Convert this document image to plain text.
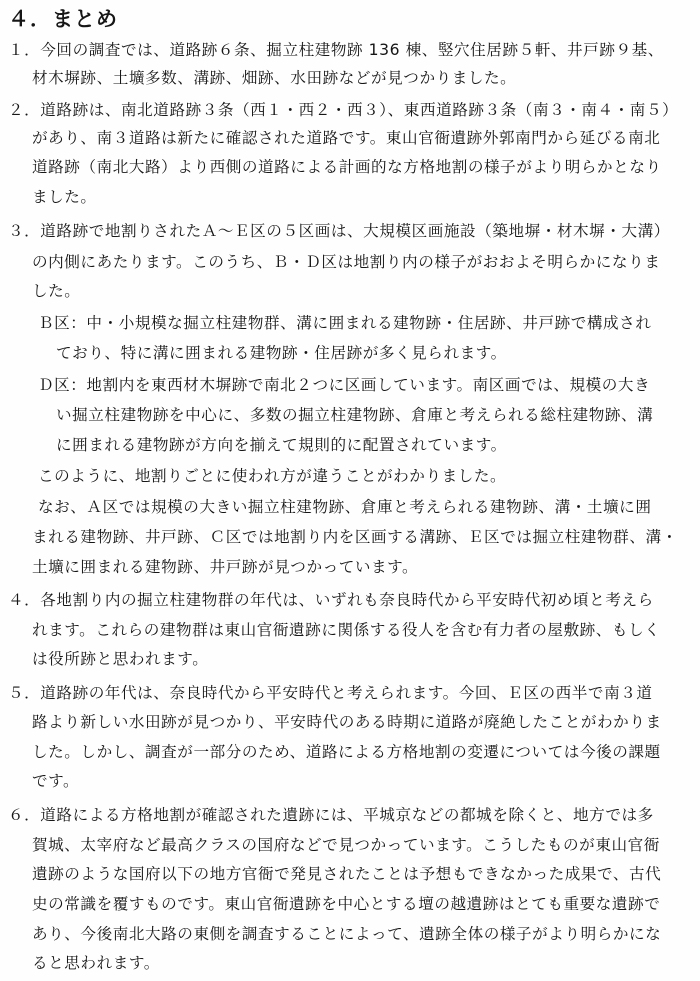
４．まとめ
１．今回の調査では、道路跡６条、掘立柱建物跡 136 棟、竪穴住居跡５軒、井戸跡９基、
材木塀跡、土壙多数、溝跡、畑跡、水田跡などが見つかりました。
２．道路跡は、南北道路跡３条（西１・西２・西３）、東西道路跡３条（南３・南４・南５）
があり、南３道路は新たに確認された道路です。東山官衙遺跡外郭南門から延びる南北
道路跡（南北大路）より西側の道路による計画的な方格地割の様子がより明らかとなり
ました。
３．道路跡で地割りされたＡ～Ｅ区の５区画は、大規模区画施設（築地塀・材木塀・大溝）
の内側にあたります。このうち、Ｂ・Ｄ区は地割り内の様子がおおよそ明らかになりま
した。
Ｂ区：中・小規模な掘立柱建物群、溝に囲まれる建物跡・住居跡、井戸跡で構成され
ており、特に溝に囲まれる建物跡・住居跡が多く見られます。
Ｄ区：地割内を東西材木塀跡で南北２つに区画しています。南区画では、規模の大き
い掘立柱建物跡を中心に、多数の掘立柱建物跡、倉庫と考えられる総柱建物跡、溝
に囲まれる建物跡が方向を揃えて規則的に配置されています。
このように、地割りごとに使われ方が違うことがわかりました。
なお、Ａ区では規模の大きい掘立柱建物跡、倉庫と考えられる建物跡、溝・土壙に囲
まれる建物跡、井戸跡、Ｃ区では地割り内を区画する溝跡、Ｅ区では掘立柱建物群、溝・
土壙に囲まれる建物跡、井戸跡が見つかっています。
４．各地割り内の掘立柱建物群の年代は、いずれも奈良時代から平安時代初め頃と考えら
れます。これらの建物群は東山官衙遺跡に関係する役人を含む有力者の屋敷跡、もしく
は役所跡と思われます。
５．道路跡の年代は、奈良時代から平安時代と考えられます。今回、Ｅ区の西半で南３道
路より新しい水田跡が見つかり、平安時代のある時期に道路が廃絶したことがわかりま
した。しかし、調査が一部分のため、道路による方格地割の変遷については今後の課題
です。
６．道路による方格地割が確認された遺跡には、平城京などの都城を除くと、地方では多
賀城、太宰府など最高クラスの国府などで見つかっています。こうしたものが東山官衙
遺跡のような国府以下の地方官衙で発見されたことは予想もできなかった成果で、古代
史の常識を覆すものです。東山官衙遺跡を中心とする壇の越遺跡はとても重要な遺跡で
あり、今後南北大路の東側を調査することによって、遺跡全体の様子がより明らかにな
ると思われます。
